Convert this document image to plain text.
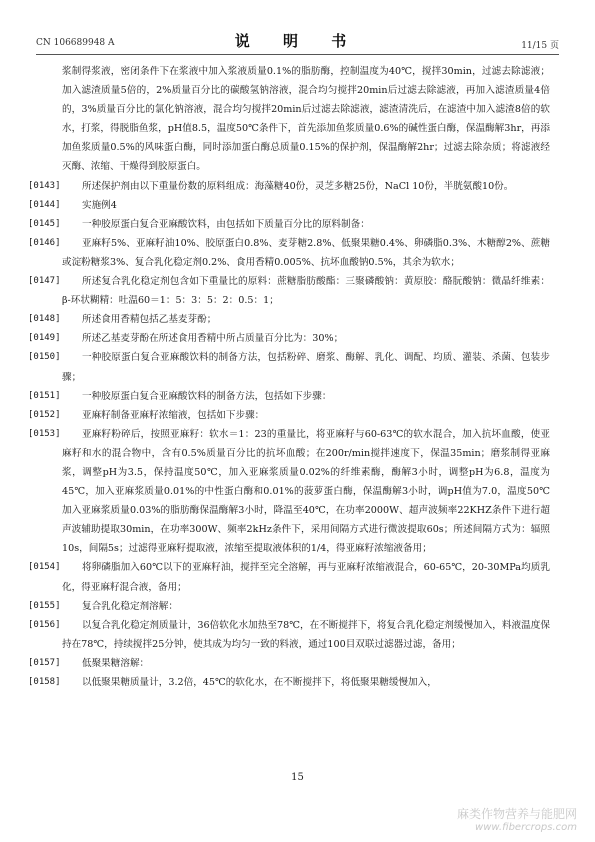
CN 106689948 A	说 明 书	11/15 页

浆制得浆液，密闭条件下在浆液中加入浆液质量0.1%的脂肪酶，控制温度为40℃，搅拌30min，过滤去除滤液；加入滤渣质量5倍的，2%质量百分比的碳酸氢钠溶液，混合均匀搅拌20min后过滤去除滤液，再加入滤渣质量4倍的，3%质量百分比的氯化钠溶液，混合均匀搅拌20min后过滤去除滤液，滤渣清洗后，在滤渣中加入滤渣8倍的软水，打浆，得脱脂鱼浆，pH值8.5，温度50℃条件下，首先添加鱼浆质量0.6%的碱性蛋白酶，保温酶解3hr，再添加鱼浆质量0.5%的风味蛋白酶，同时添加蛋白酶总质量0.15%的保护剂，保温酶解2hr；过滤去除杂质；将滤液经灭酶、浓缩、干燥得到胶原蛋白。

[0143]	所述保护剂由以下重量份数的原料组成：海藻糖40份，灵芝多糖25份，NaCl 10份，半胱氨酸10份。

[0144]	实施例4

[0145]	一种胶原蛋白复合亚麻酸饮料，由包括如下质量百分比的原料制备：

[0146]	亚麻籽5%、亚麻籽油10%、胶原蛋白0.8%、麦芽糖2.8%、低聚果糖0.4%、卵磷脂0.3%、木糖醇2%、蔗糖或淀粉糖浆3%、复合乳化稳定剂0.2%、食用香精0.005%、抗坏血酸钠0.5%，其余为软水；

[0147]	所述复合乳化稳定剂包含如下重量比的原料：蔗糖脂肪酸酯：三聚磷酸钠：黄原胶：酪朊酸钠：微晶纤维素：β-环状糊精：吐温60＝1：5：3：5：2：0.5：1；

[0148]	所述食用香精包括乙基麦芽酚；

[0149]	所述乙基麦芽酚在所述食用香精中所占质量百分比为：30%；

[0150]	一种胶原蛋白复合亚麻酸饮料的制备方法，包括粉碎、磨浆、酶解、乳化、调配、均质、灌装、杀菌、包装步骤；

[0151]	一种胶原蛋白复合亚麻酸饮料的制备方法，包括如下步骤：

[0152]	亚麻籽制备亚麻籽浓缩液，包括如下步骤：

[0153]	亚麻籽粉碎后，按照亚麻籽：软水＝1：23的重量比，将亚麻籽与60-63℃的软水混合，加入抗坏血酸，使亚麻籽和水的混合物中，含有0.5%质量百分比的抗坏血酸；在200r/min搅拌速度下，保温35min；磨浆制得亚麻浆，调整pH为3.5，保持温度50℃，加入亚麻浆质量0.02%的纤维素酶，酶解3小时，调整pH为6.8，温度为45℃，加入亚麻浆质量0.01%的中性蛋白酶和0.01%的菠萝蛋白酶，保温酶解3小时，调pH值为7.0，温度50℃加入亚麻浆质量0.03%的脂肪酶保温酶解3小时，降温至40℃，在功率2000W、超声波频率22KHZ条件下进行超声波辅助提取30min，在功率300W、频率2kHz条件下，采用间隔方式进行微波提取60s；所述间隔方式为：辐照10s，间隔5s；过滤得亚麻籽提取液，浓缩至提取液体积的1/4，得亚麻籽浓缩液备用；

[0154]	将卵磷脂加入60℃以下的亚麻籽油，搅拌至完全溶解，再与亚麻籽浓缩液混合，60-65℃，20-30MPa均质乳化，得亚麻籽混合液，备用；

[0155]	复合乳化稳定剂溶解：

[0156]	以复合乳化稳定剂质量计，36倍软化水加热至78℃，在不断搅拌下，将复合乳化稳定剂缓慢加入，料液温度保持在78℃，持续搅拌25分钟，使其成为均匀一致的料液，通过100目双联过滤器过滤，备用；

[0157]	低聚果糖溶解：

[0158]	以低聚果糖质量计，3.2倍，45℃的软化水，在不断搅拌下，将低聚果糖缓慢加入，

15
麻类作物营养与能肥网
www.fibercrops.com
